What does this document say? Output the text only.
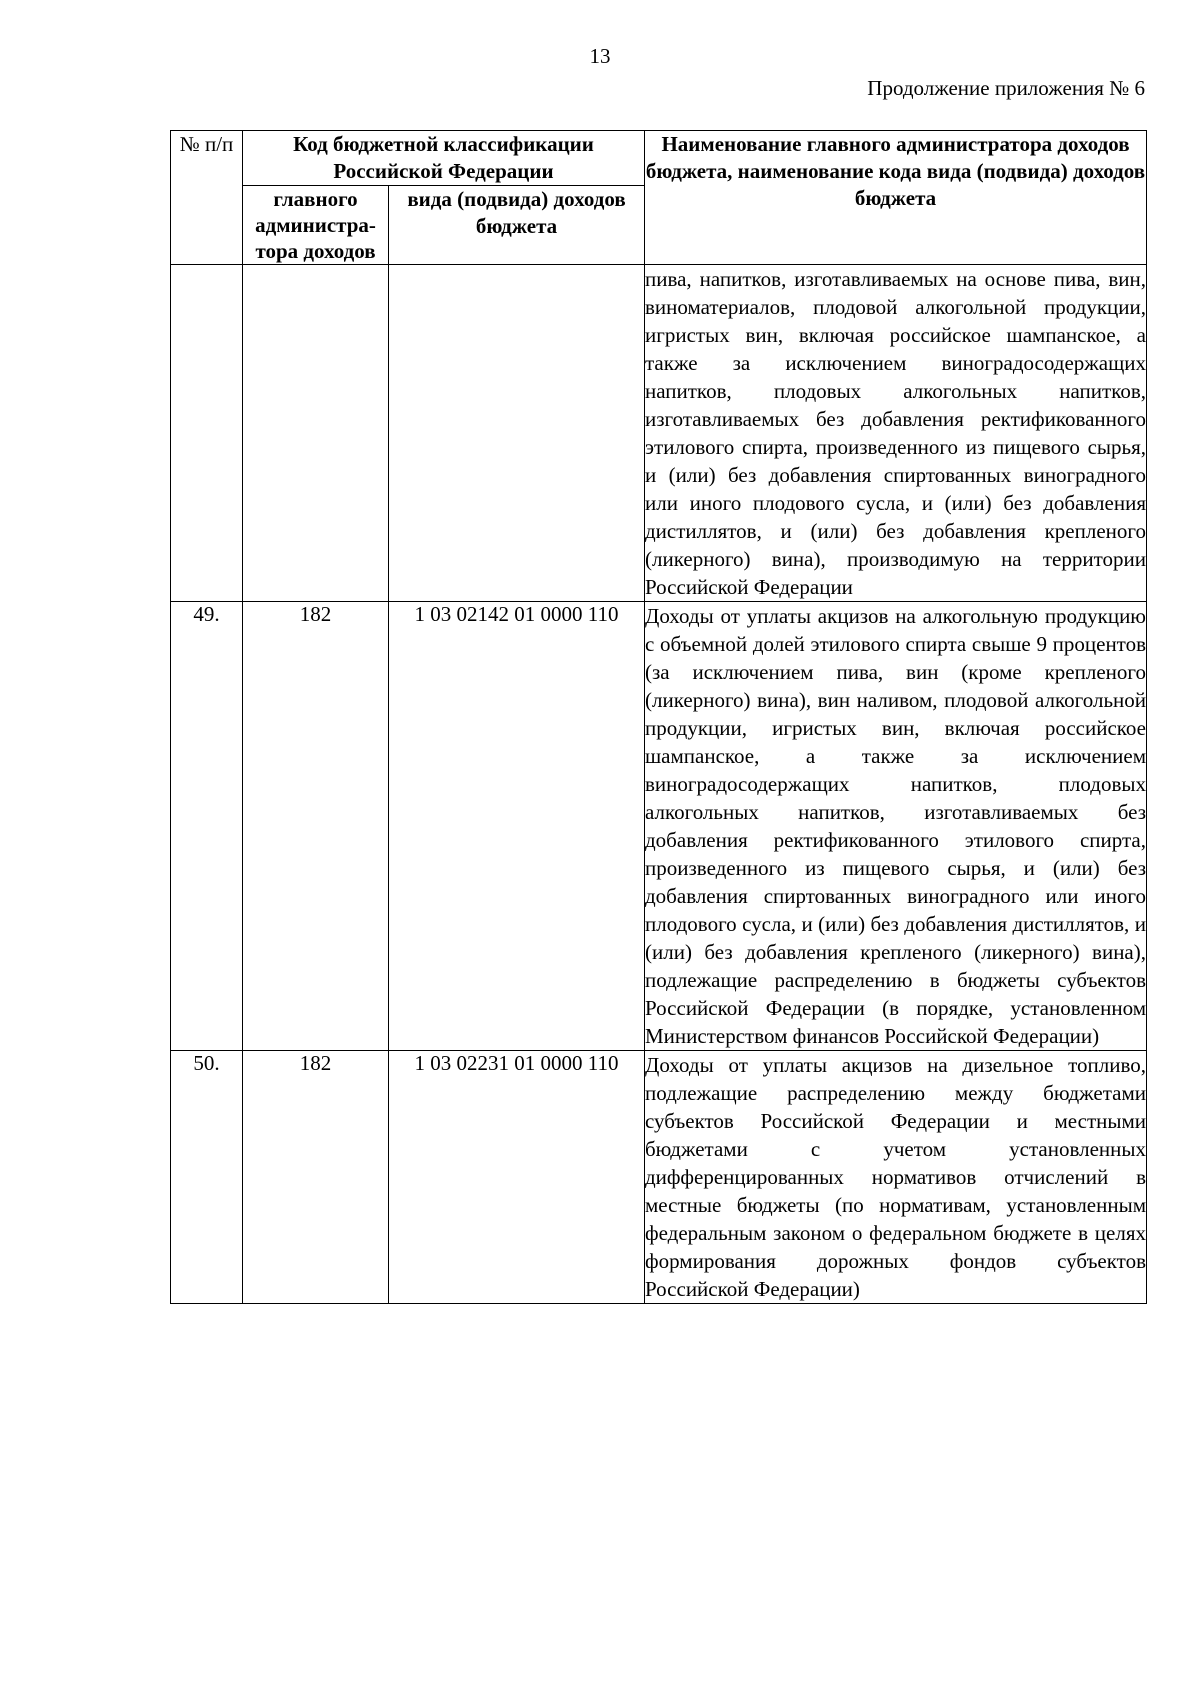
13
Продолжение приложения № 6
№ п/п	Код бюджетной классификации Российской Федерации		Наименование главного администратора доходов бюджета, наименование кода вида (подвида) доходов бюджета
	главного администра-тора доходов	вида (подвида) доходов бюджета	
			пива, напитков, изготавливаемых на основе пива, вин, виноматериалов, плодовой алкогольной продукции, игристых вин, включая российское шампанское, а также за исключением виноградосодержащих напитков, плодовых алкогольных напитков, изготавливаемых без добавления ректификованного этилового спирта, произведенного из пищевого сырья, и (или) без добавления спиртованных виноградного или иного плодового сусла, и (или) без добавления дистиллятов, и (или) без добавления крепленого (ликерного) вина), производимую на территории Российской Федерации
49.	182	1 03 02142 01 0000 110	Доходы от уплаты акцизов на алкогольную продукцию с объемной долей этилового спирта свыше 9 процентов (за исключением пива, вин (кроме крепленого (ликерного) вина), вин наливом, плодовой алкогольной продукции, игристых вин, включая российское шампанское, а также за исключением виноградосодержащих напитков, плодовых алкогольных напитков, изготавливаемых без добавления ректификованного этилового спирта, произведенного из пищевого сырья, и (или) без добавления спиртованных виноградного или иного плодового сусла, и (или) без добавления дистиллятов, и (или) без добавления крепленого (ликерного) вина), подлежащие распределению в бюджеты субъектов Российской Федерации (в порядке, установленном Министерством финансов Российской Федерации)
50.	182	1 03 02231 01 0000 110	Доходы от уплаты акцизов на дизельное топливо, подлежащие распределению между бюджетами субъектов Российской Федерации и местными бюджетами с учетом установленных дифференцированных нормативов отчислений в местные бюджеты (по нормативам, установленным федеральным законом о федеральном бюджете в целях формирования дорожных фондов субъектов Российской Федерации)
